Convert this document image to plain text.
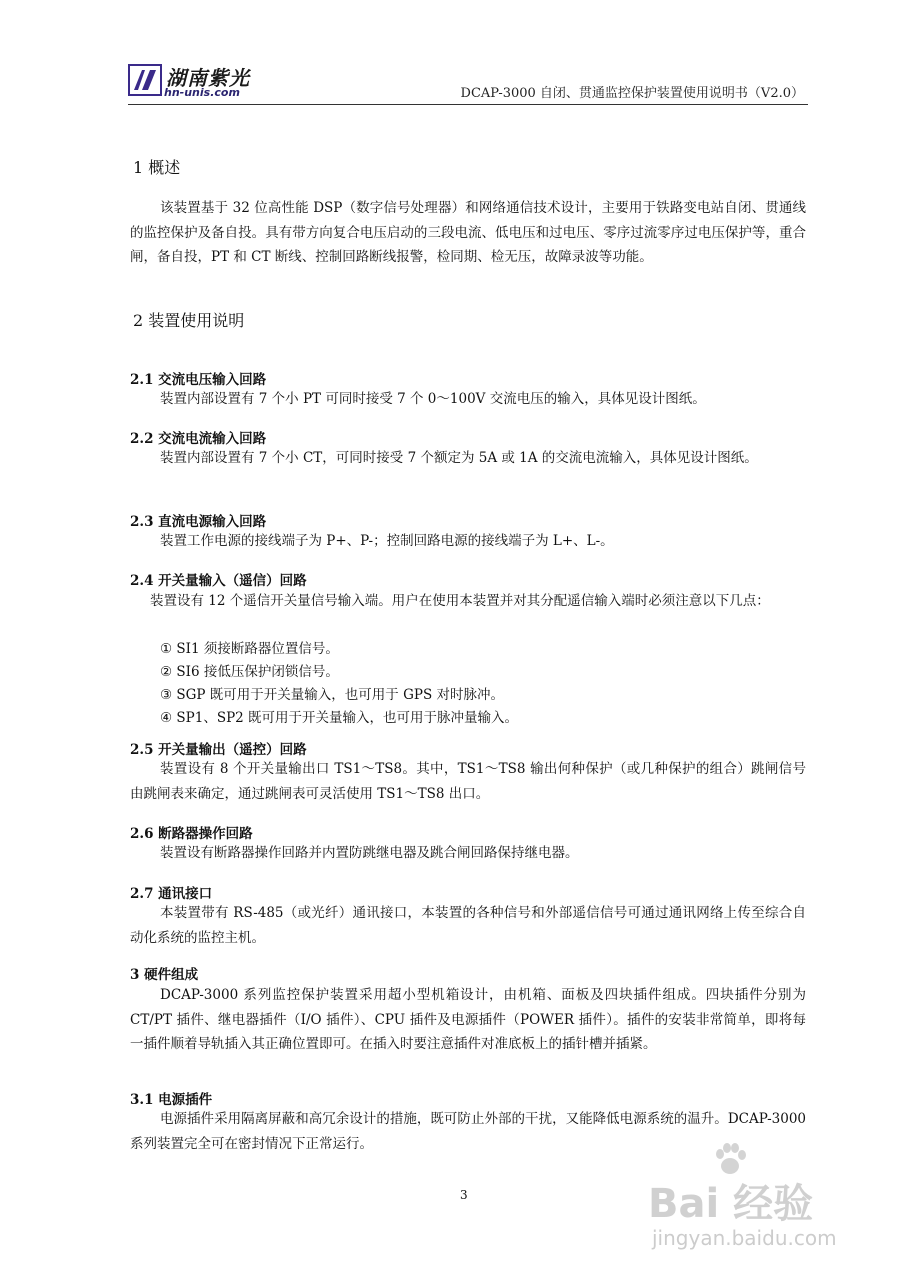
湖南紫光
hn-unis.com	DCAP-3000 自闭、贯通监控保护装置使用说明书（V2.0）
1 概述

该装置基于 32 位高性能 DSP（数字信号处理器）和网络通信技术设计，主要用于铁路变电站自闭、贯通线的监控保护及备自投。具有带方向复合电压启动的三段电流、低电压和过电压、零序过流零序过电压保护等，重合闸，备自投，PT 和 CT 断线、控制回路断线报警，检同期、检无压，故障录波等功能。

2 装置使用说明
2.1 交流电压输入回路

装置内部设置有 7 个小 PT 可同时接受 7 个 0～100V 交流电压的输入，具体见设计图纸。

2.2 交流电流输入回路

装置内部设置有 7 个小 CT，可同时接受 7 个额定为 5A 或 1A 的交流电流输入，具体见设计图纸。

2.3 直流电源输入回路

装置工作电源的接线端子为 P+、P-；控制回路电源的接线端子为 L+、L-。

2.4 开关量输入（遥信）回路

装置设有 12 个遥信开关量信号输入端。用户在使用本装置并对其分配遥信输入端时必须注意以下几点：

① SI1 须接断路器位置信号。
② SI6 接低压保护闭锁信号。
③ SGP 既可用于开关量输入，也可用于 GPS 对时脉冲。
④ SP1、SP2 既可用于开关量输入，也可用于脉冲量输入。
2.5 开关量输出（遥控）回路

装置设有 8 个开关量输出口 TS1～TS8。其中，TS1～TS8 输出何种保护（或几种保护的组合）跳闸信号由跳闸表来确定，通过跳闸表可灵活使用 TS1～TS8 出口。

2.6 断路器操作回路

装置设有断路器操作回路并内置防跳继电器及跳合闸回路保持继电器。

2.7 通讯接口

本装置带有 RS-485（或光纤）通讯接口，本装置的各种信号和外部遥信信号可通过通讯网络上传至综合自动化系统的监控主机。

3 硬件组成

DCAP-3000 系列监控保护装置采用超小型机箱设计，由机箱、面板及四块插件组成。四块插件分别为 CT/PT 插件、继电器插件（I/O 插件）、CPU 插件及电源插件（POWER 插件）。插件的安装非常简单，即将每一插件顺着导轨插入其正确位置即可。在插入时要注意插件对准底板上的插针槽并插紧。

3.1 电源插件

电源插件采用隔离屏蔽和高冗余设计的措施，既可防止外部的干扰，又能降低电源系统的温升。DCAP-3000 系列装置完全可在密封情况下正常运行。

3	Bai 经验
jingyan.baidu.com
